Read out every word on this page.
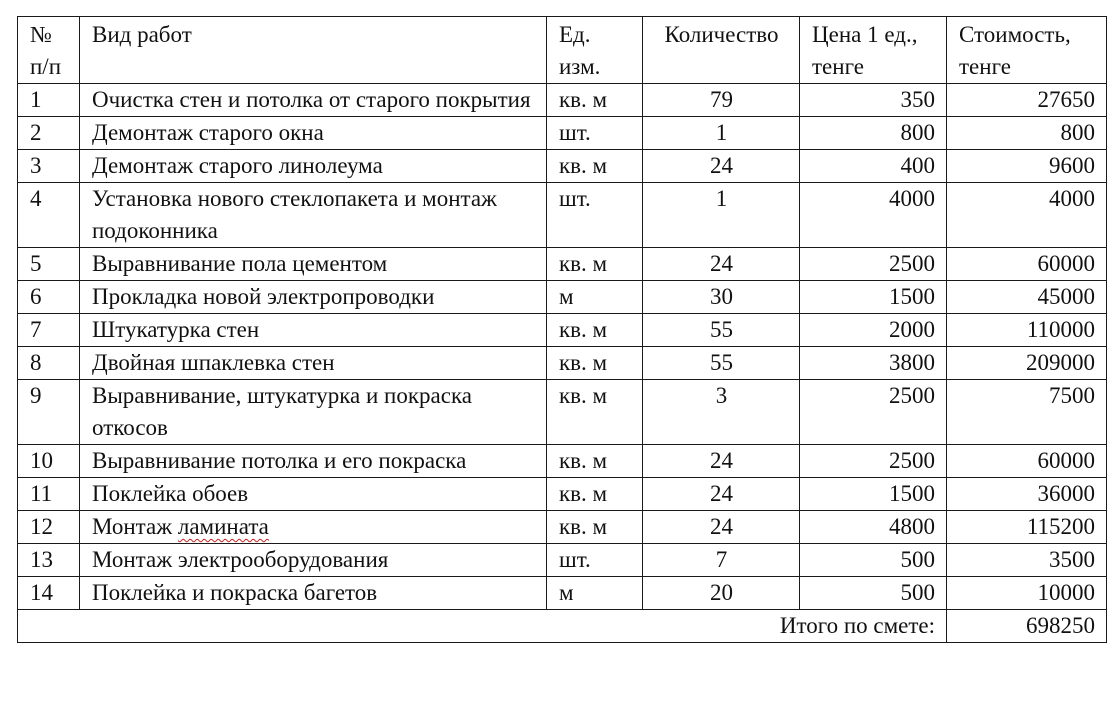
№ п/п	Вид работ	Ед. изм.	Количество	Цена 1 ед., тенге	Стоимость, тенге
1	Очистка стен и потолка от старого покрытия	кв. м	79	350	27650
2	Демонтаж старого окна	шт.	1	800	800
3	Демонтаж старого линолеума	кв. м	24	400	9600
4	Установка нового стеклопакета и монтаж подоконника	шт.	1	4000	4000
5	Выравнивание пола цементом	кв. м	24	2500	60000
6	Прокладка новой электропроводки	м	30	1500	45000
7	Штукатурка стен	кв. м	55	2000	110000
8	Двойная шпаклевка стен	кв. м	55	3800	209000
9	Выравнивание, штукатурка и покраска откосов	кв. м	3	2500	7500
10	Выравнивание потолка и его покраска	кв. м	24	2500	60000
11	Поклейка обоев	кв. м	24	1500	36000
12	Монтаж ламината	кв. м	24	4800	115200
13	Монтаж электрооборудования	шт.	7	500	3500
14	Поклейка и покраска багетов	м	20	500	10000
Итого по смете:					698250
